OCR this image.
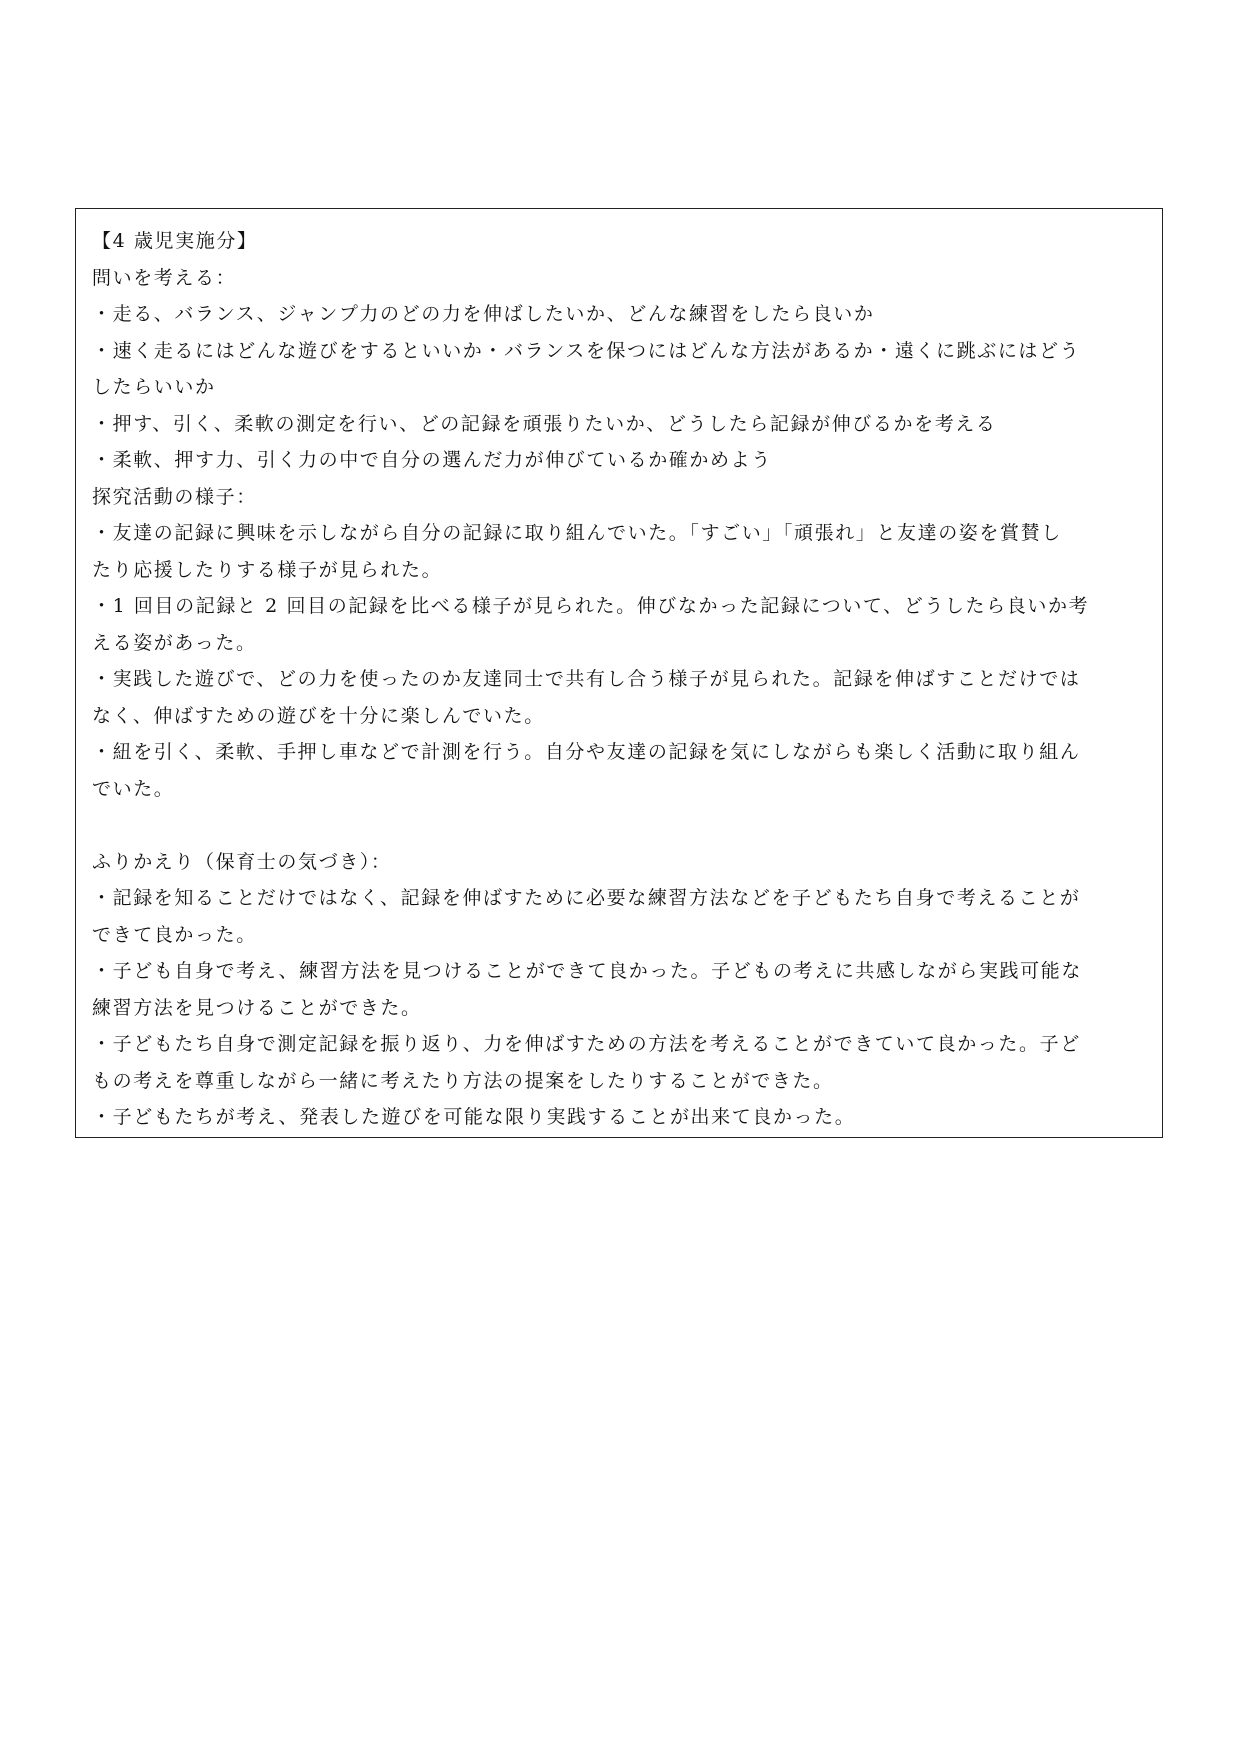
【4 歳児実施分】
問いを考える：
・走る、バランス、ジャンプ力のどの力を伸ばしたいか、どんな練習をしたら良いか
・速く走るにはどんな遊びをするといいか・バランスを保つにはどんな方法があるか・遠くに跳ぶにはどう
したらいいか
・押す、引く、柔軟の測定を行い、どの記録を頑張りたいか、どうしたら記録が伸びるかを考える
・柔軟、押す力、引く力の中で自分の選んだ力が伸びているか確かめよう
探究活動の様子：
・友達の記録に興味を示しながら自分の記録に取り組んでいた。「すごい」「頑張れ」と友達の姿を賞賛し
たり応援したりする様子が見られた。
・1 回目の記録と 2 回目の記録を比べる様子が見られた。伸びなかった記録について、どうしたら良いか考
える姿があった。
・実践した遊びで、どの力を使ったのか友達同士で共有し合う様子が見られた。記録を伸ばすことだけでは
なく、伸ばすための遊びを十分に楽しんでいた。
・紐を引く、柔軟、手押し車などで計測を行う。自分や友達の記録を気にしながらも楽しく活動に取り組ん
でいた。
ふりかえり（保育士の気づき）：
・記録を知ることだけではなく、記録を伸ばすために必要な練習方法などを子どもたち自身で考えることが
できて良かった。
・子ども自身で考え、練習方法を見つけることができて良かった。子どもの考えに共感しながら実践可能な
練習方法を見つけることができた。
・子どもたち自身で測定記録を振り返り、力を伸ばすための方法を考えることができていて良かった。子ど
もの考えを尊重しながら一緒に考えたり方法の提案をしたりすることができた。
・子どもたちが考え、発表した遊びを可能な限り実践することが出来て良かった。
